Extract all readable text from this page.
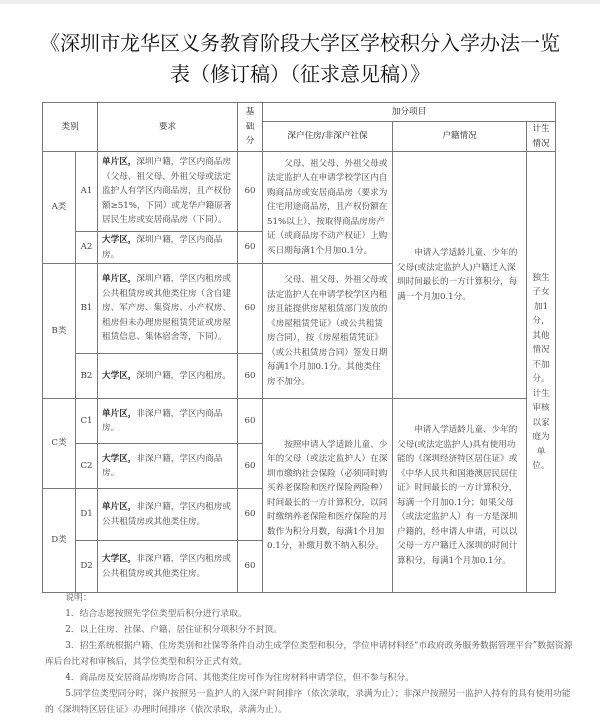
《深圳市龙华区义务教育阶段大学区学校积分入学办法一览表（修订稿）（征求意见稿）》
类别		要求	基础分	加分项目		
				深户住房/非深户社保	户籍情况	计生情况
A类	A1	单片区，深圳户籍，学区内商品房（父母、祖父母、外祖父母或法定监护人有学区内商品房，且产权份额≥51%，下同）或龙华户籍原著居民生房或安居商品房（下同）。	60	父母、祖父母、外祖父母或法定监护人在申请学校学区内自购商品房或安居商品房（要求为住宅用途商品房，且产权份额在51%以上），按取得商品房房产证（或商品房不动产权证）上购买日期每满1个月加0.1分。	申请入学适龄儿童、少年的父母(或法定监护人)户籍迁入深圳时间最长的一方计算积分，每满一个月加0.1分。	独生子女加1分，其他情况不加分。计生审核以家庭为单位。
	A2	大学区，深圳户籍，学区内商品房。	60			
B类	B1	单片区，深圳户籍，学区内租房或公共租赁房或其他类住房（含自建房、军产房、集资房、小产权房、租房但未办理房屋租赁凭证或房屋租赁信息、集体宿舍等，下同）。	60	父母、祖父母、外祖父母或法定监护人在申请学校学区内租房且能提供房屋租赁部门发放的《房屋租赁凭证》（或公共租赁房合同），按《房屋租赁凭证》（或公共租赁房合同）签发日期每满1个月加0.1分。其他类住房不加分。		
	B2	大学区，深圳户籍，学区内租房。	60			
C类	C1	单片区，非深户籍，学区内商品房。	60	按照申请入学适龄儿童、少年的父母（或法定监护人）在深圳市缴纳社会保险（必须同时购买养老保险和医疗保险两险种）时间最长的一方计算积分，以同时缴纳养老保险和医疗保险的月数作为积分月数，每满1个月加0.1分，补缴月数不纳入积分。	申请入学适龄儿童、少年的父母(或法定监护人)具有使用功能的《深圳经济特区居住证》或《中华人民共和国港澳居民居住证》时间最长的一方计算积分，每满一个月加0.1分；如果父母（或法定监护人）有一方是深圳户籍的，经申请人申请，可以以父母一方户籍迁入深圳的时间计算积分，每满1个月加0.1分。	
	C2	大学区，非深户籍，学区内商品房。	60			
D类	D1	单片区，非深户籍，学区内租房或公共租赁房或其他类住房。	60			
	D2	大学区，非深户籍，学区内租房或公共租赁房或其他类住房。	60			

说明：

1．结合志愿按照先学位类型后积分进行录取。

2．以上住房、社保、户籍、居住证积分项积分不封顶。

3．招生系统根据户籍、住房类别和社保等条件自动生成学位类型和积分，学位申请材料经“市政府政务服务数据管理平台”数据资源库后台比对和审核后，其学位类型和积分正式有效。

4．商品房及安居商品房购房合同、其他类住房可作为住房材料申请学位，但不参与积分。

5.同学位类型同分时，深户按照另一监护人的入深户时间排序（依次录取，录满为止）；非深户按照另一监护人持有的具有使用功能的《深圳特区居住证》办理时间排序（依次录取，录满为止）。
